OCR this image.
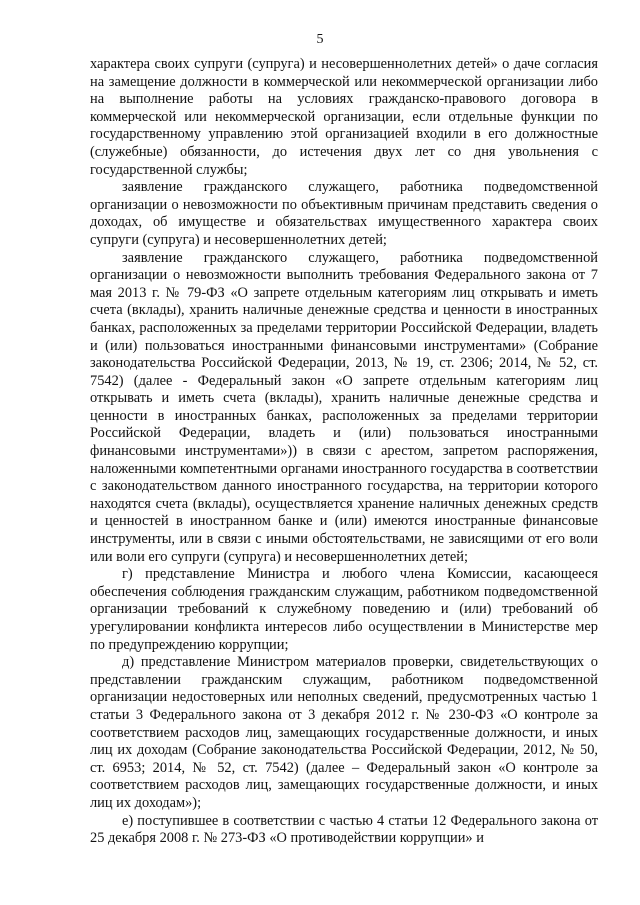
5

характера своих супруги (супруга) и несовершеннолетних детей» о даче согласия на замещение должности в коммерческой или некоммерческой организации либо на выполнение работы на условиях гражданско-правового договора в коммерческой или некоммерческой организации, если отдельные функции по государственному управлению этой организацией входили в его должностные (служебные) обязанности, до истечения двух лет со дня увольнения с государственной службы;

заявление гражданского служащего, работника подведомственной организации о невозможности по объективным причинам представить сведения о доходах, об имуществе и обязательствах имущественного характера своих супруги (супруга) и несовершеннолетних детей;

заявление гражданского служащего, работника подведомственной организации о невозможности выполнить требования Федерального закона от 7 мая 2013 г. № 79-ФЗ «О запрете отдельным категориям лиц открывать и иметь счета (вклады), хранить наличные денежные средства и ценности в иностранных банках, расположенных за пределами территории Российской Федерации, владеть и (или) пользоваться иностранными финансовыми инструментами» (Собрание законодательства Российской Федерации, 2013, № 19, ст. 2306; 2014, № 52, ст. 7542) (далее - Федеральный закон «О запрете отдельным категориям лиц открывать и иметь счета (вклады), хранить наличные денежные средства и ценности в иностранных банках, расположенных за пределами территории Российской Федерации, владеть и (или) пользоваться иностранными финансовыми инструментами»)) в связи с арестом, запретом распоряжения, наложенными компетентными органами иностранного государства в соответствии с законодательством данного иностранного государства, на территории которого находятся счета (вклады), осуществляется хранение наличных денежных средств и ценностей в иностранном банке и (или) имеются иностранные финансовые инструменты, или в связи с иными обстоятельствами, не зависящими от его воли или воли его супруги (супруга) и несовершеннолетних детей;

г) представление Министра и любого члена Комиссии, касающееся обеспечения соблюдения гражданским служащим, работником подведомственной организации требований к служебному поведению и (или) требований об урегулировании конфликта интересов либо осуществлении в Министерстве мер по предупреждению коррупции;

д) представление Министром материалов проверки, свидетельствующих о представлении гражданским служащим, работником подведомственной организации недостоверных или неполных сведений, предусмотренных частью 1 статьи 3 Федерального закона от 3 декабря 2012 г. № 230-ФЗ «О контроле за соответствием расходов лиц, замещающих государственные должности, и иных лиц их доходам (Собрание законодательства Российской Федерации, 2012, № 50, ст. 6953; 2014, № 52, ст. 7542) (далее – Федеральный закон «О контроле за соответствием расходов лиц, замещающих государственные должности, и иных лиц их доходам»);

е) поступившее в соответствии с частью 4 статьи 12 Федерального закона от 25 декабря 2008 г. № 273-ФЗ «О противодействии коррупции» и
